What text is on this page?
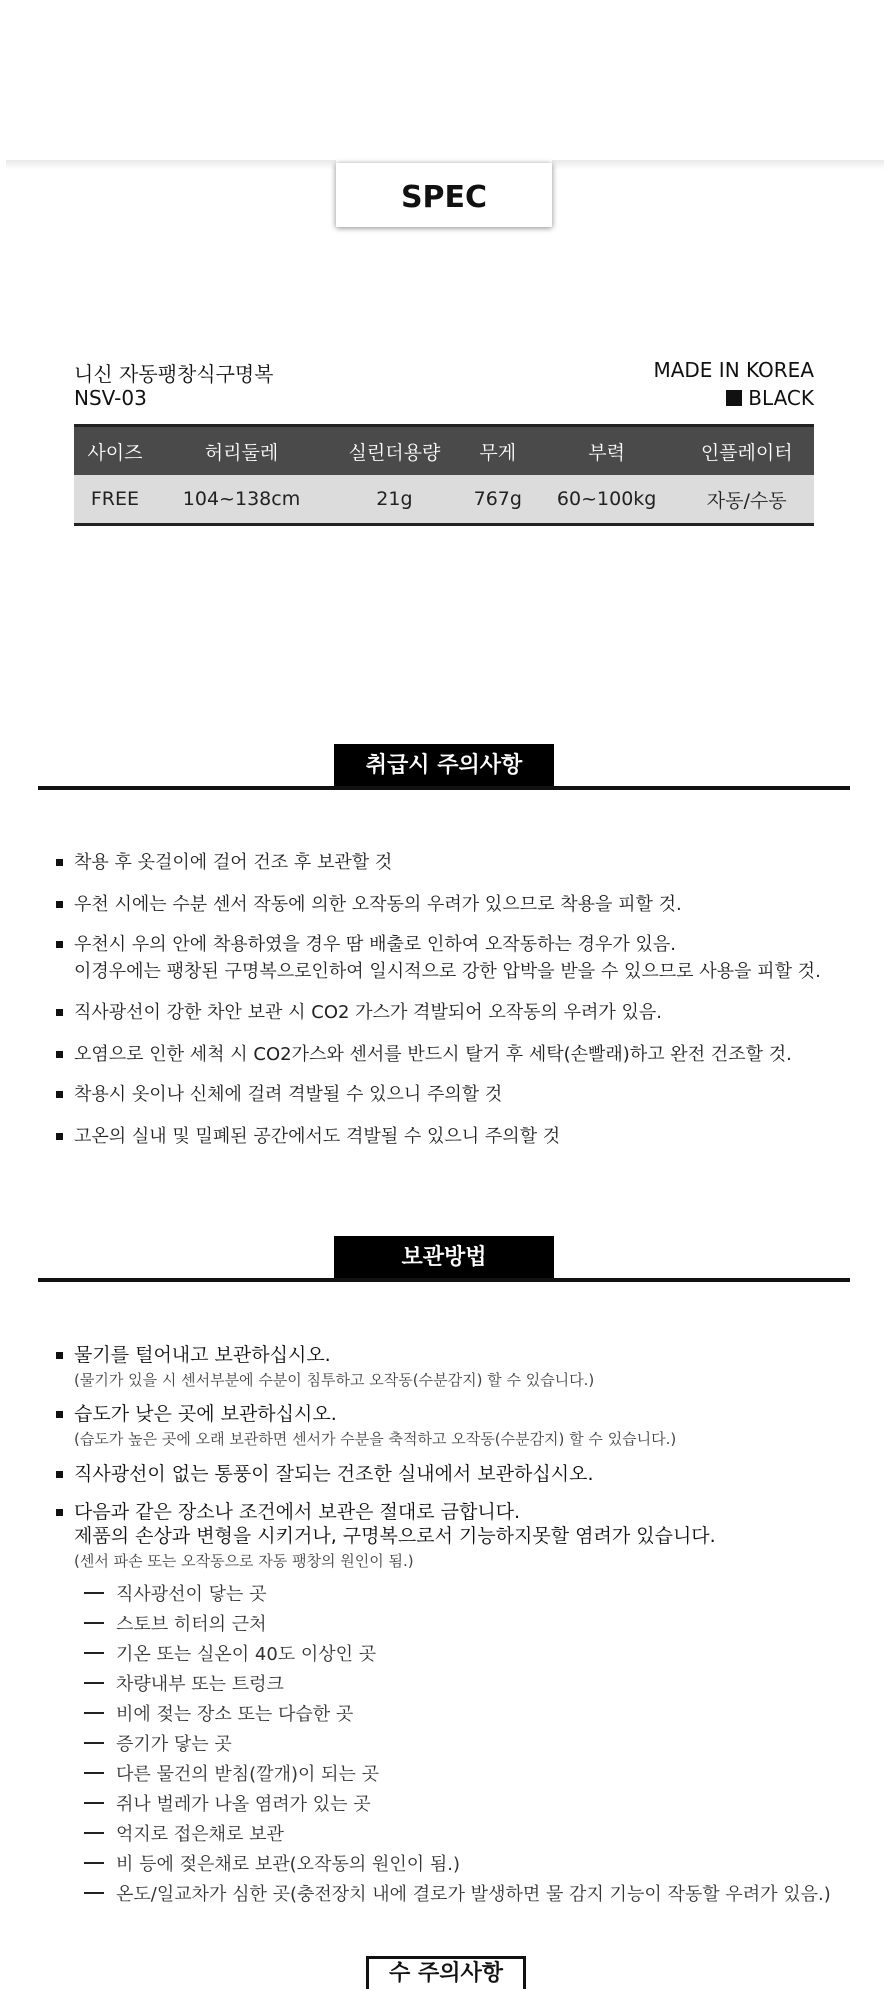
SPEC
니신 자동팽창식구명복
NSV-03
MADE IN KOREA
BLACK
사이즈	허리둘레	실린더용량	무게	부력	인플레이터
FREE	104~138cm	21g	767g	60~100kg	자동/수동
취급시 주의사항
착용 후 옷걸이에 걸어 건조 후 보관할 것
우천 시에는 수분 센서 작동에 의한 오작동의 우려가 있으므로 착용을 피할 것.
우천시 우의 안에 착용하였을 경우 땀 배출로 인하여 오작동하는 경우가 있음.
이경우에는 팽창된 구명복으로인하여 일시적으로 강한 압박을 받을 수 있으므로 사용을 피할 것.
직사광선이 강한 차안 보관 시 CO2 가스가 격발되어 오작동의 우려가 있음.
오염으로 인한 세척 시 CO2가스와 센서를 반드시 탈거 후 세탁(손빨래)하고 완전 건조할 것.
착용시 옷이나 신체에 걸려 격발될 수 있으니 주의할 것
고온의 실내 및 밀폐된 공간에서도 격발될 수 있으니 주의할 것
보관방법
물기를 털어내고 보관하십시오.
(물기가 있을 시 센서부분에 수분이 침투하고 오작동(수분감지) 할 수 있습니다.)
습도가 낮은 곳에 보관하십시오.
(습도가 높은 곳에 오래 보관하면 센서가 수분을 축적하고 오작동(수분감지) 할 수 있습니다.)
직사광선이 없는 통풍이 잘되는 건조한 실내에서 보관하십시오.
다음과 같은 장소나 조건에서 보관은 절대로 금합니다.
제품의 손상과 변형을 시키거나, 구명복으로서 기능하지못할 염려가 있습니다.
(센서 파손 또는 오작동으로 자동 팽창의 원인이 됨.)
직사광선이 닿는 곳
스토브 히터의 근처
기온 또는 실온이 40도 이상인 곳
차량내부 또는 트렁크
비에 젖는 장소 또는 다습한 곳
증기가 닿는 곳
다른 물건의 받침(깔개)이 되는 곳
쥐나 벌레가 나올 염려가 있는 곳
억지로 접은채로 보관
비 등에 젖은채로 보관(오작동의 원인이 됨.)
온도/일교차가 심한 곳(충전장치 내에 결로가 발생하면 물 감지 기능이 작동할 우려가 있음.)
수 주의사항
